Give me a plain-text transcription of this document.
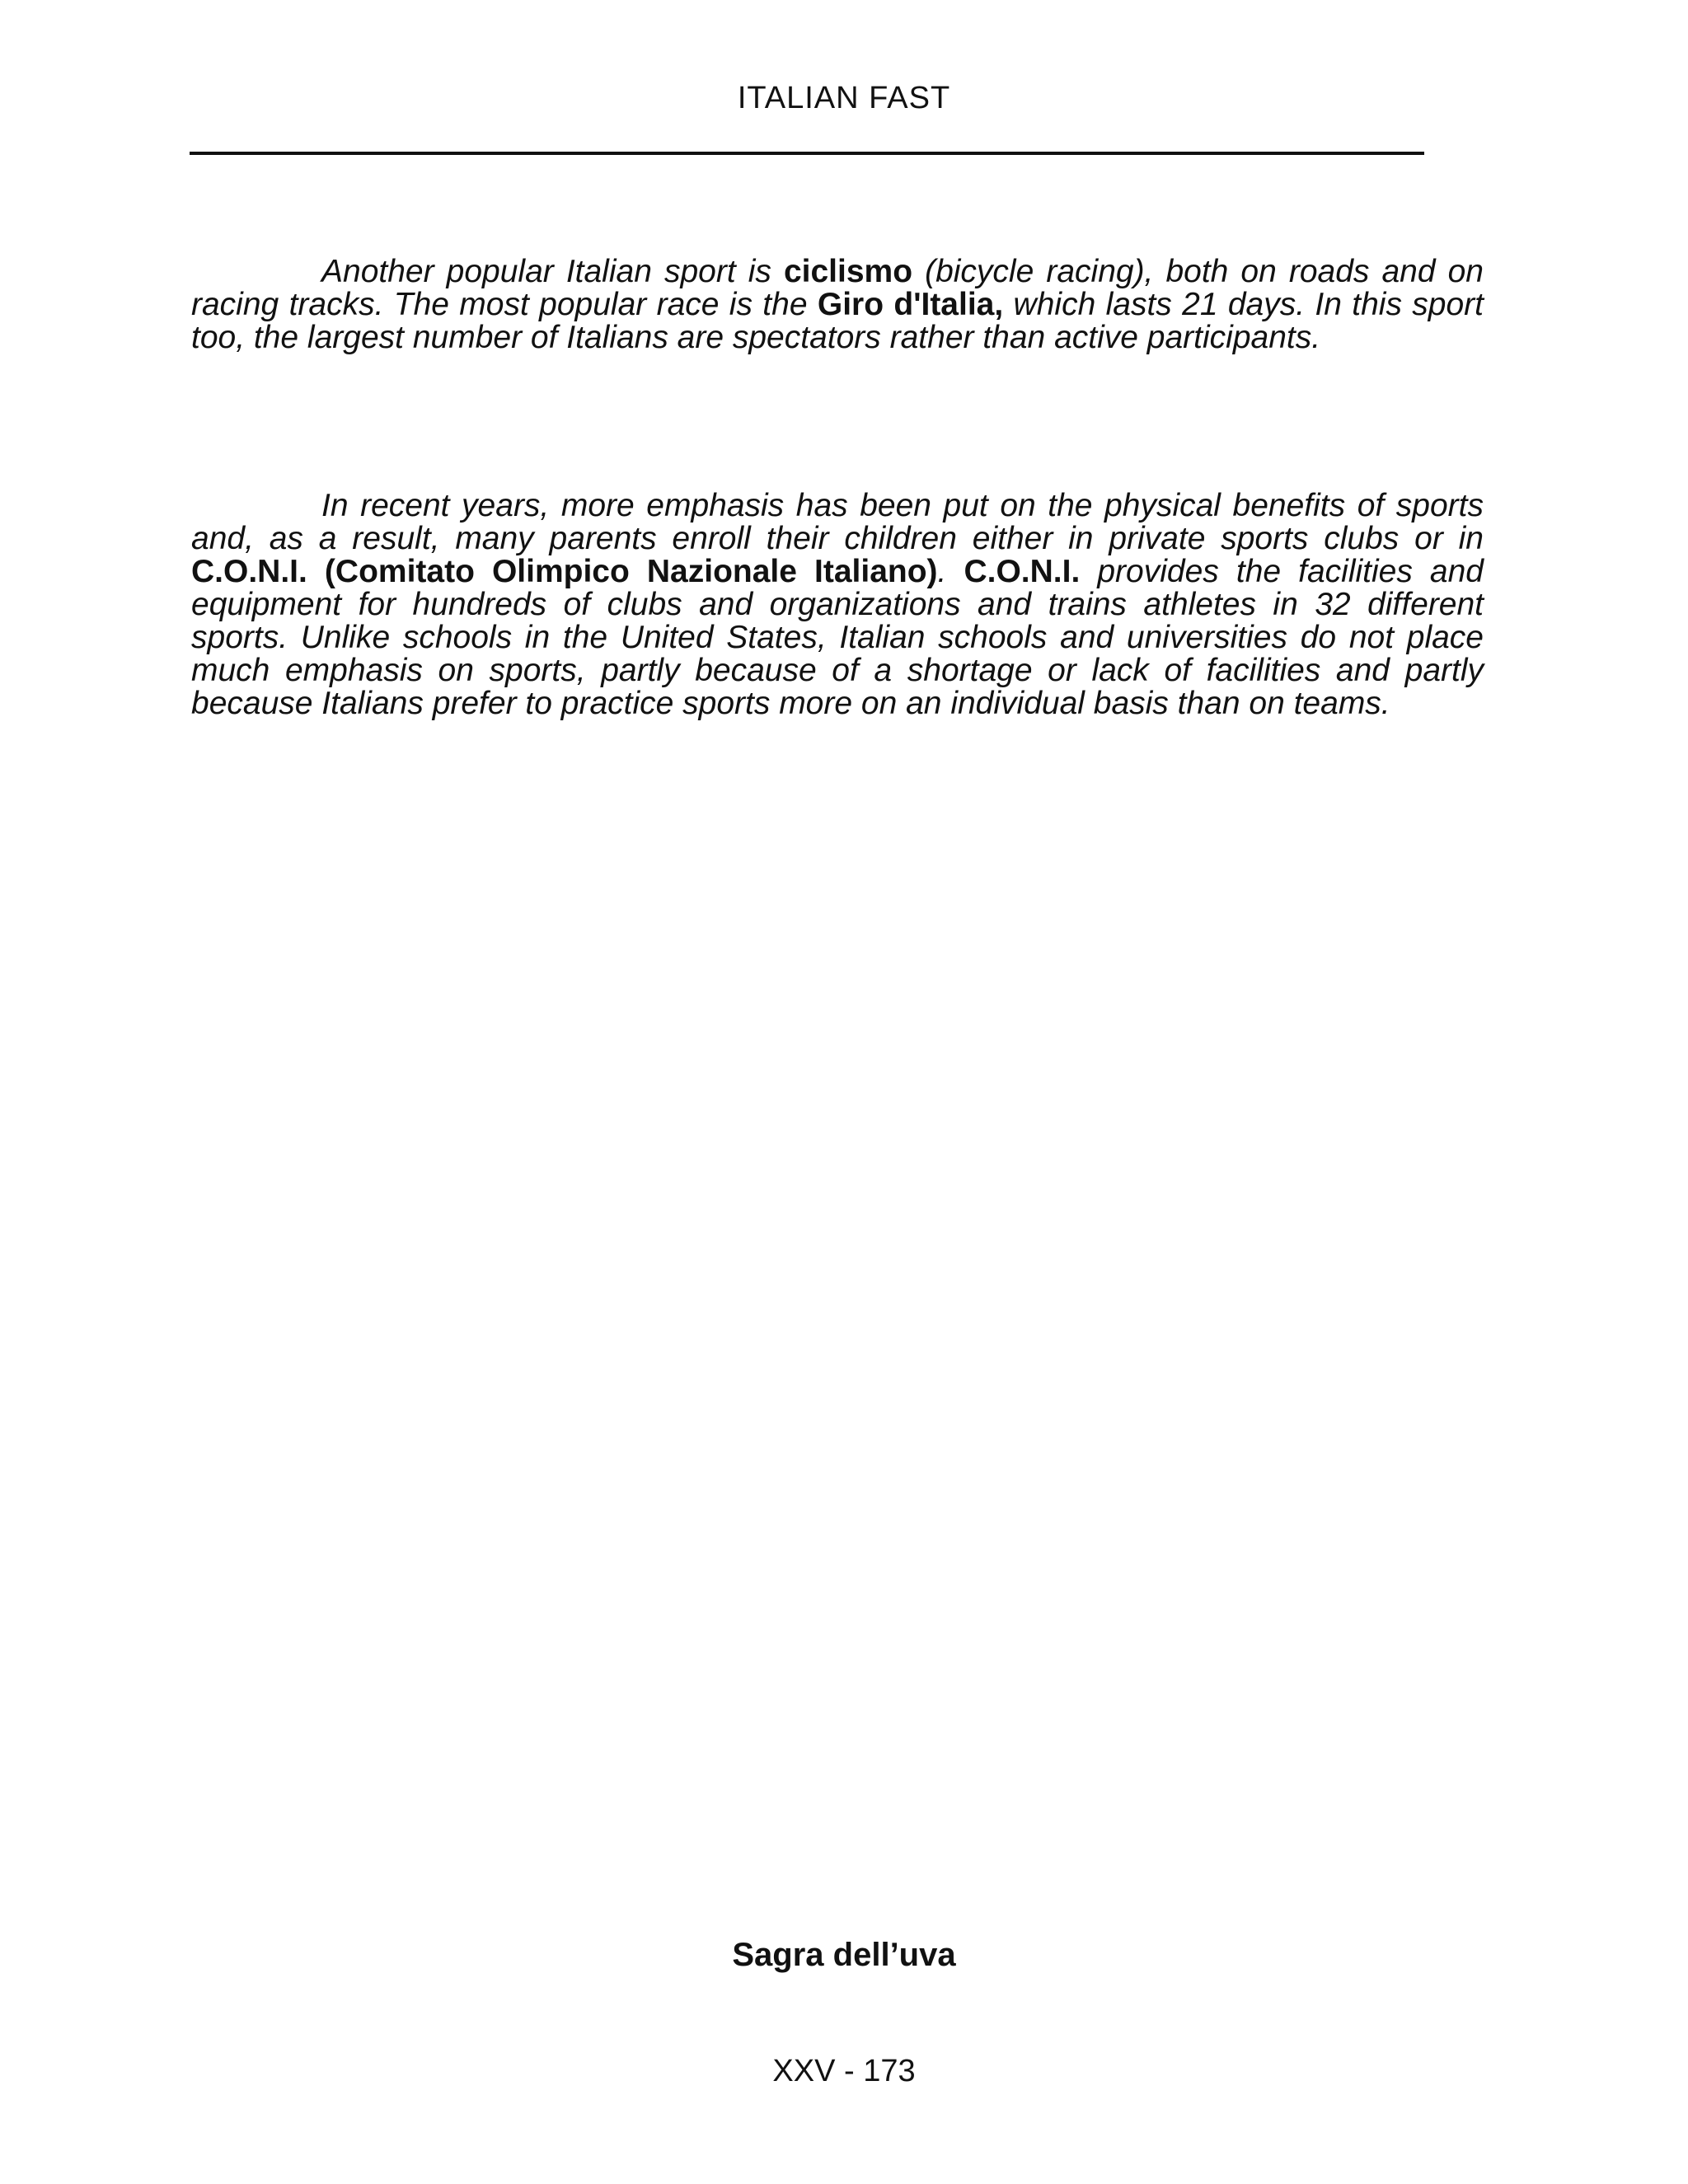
ITALIAN FAST

Another popular Italian sport is ciclismo (bicycle racing), both on roads and on racing tracks. The most popular race is the Giro d'Italia, which lasts 21 days. In this sport too, the largest number of Italians are spectators rather than active participants.

In recent years, more emphasis has been put on the physical benefits of sports and, as a result, many parents enroll their children either in private sports clubs or in C.O.N.I. (Comitato Olimpico Nazionale Italiano). C.O.N.I. provides the facilities and equipment for hundreds of clubs and organizations and trains athletes in 32 different sports. Unlike schools in the United States, Italian schools and universities do not place much emphasis on sports, partly because of a shortage or lack of facilities and partly because Italians prefer to practice sports more on an individual basis than on teams.

Sagra dell’uva
XXV - 173
